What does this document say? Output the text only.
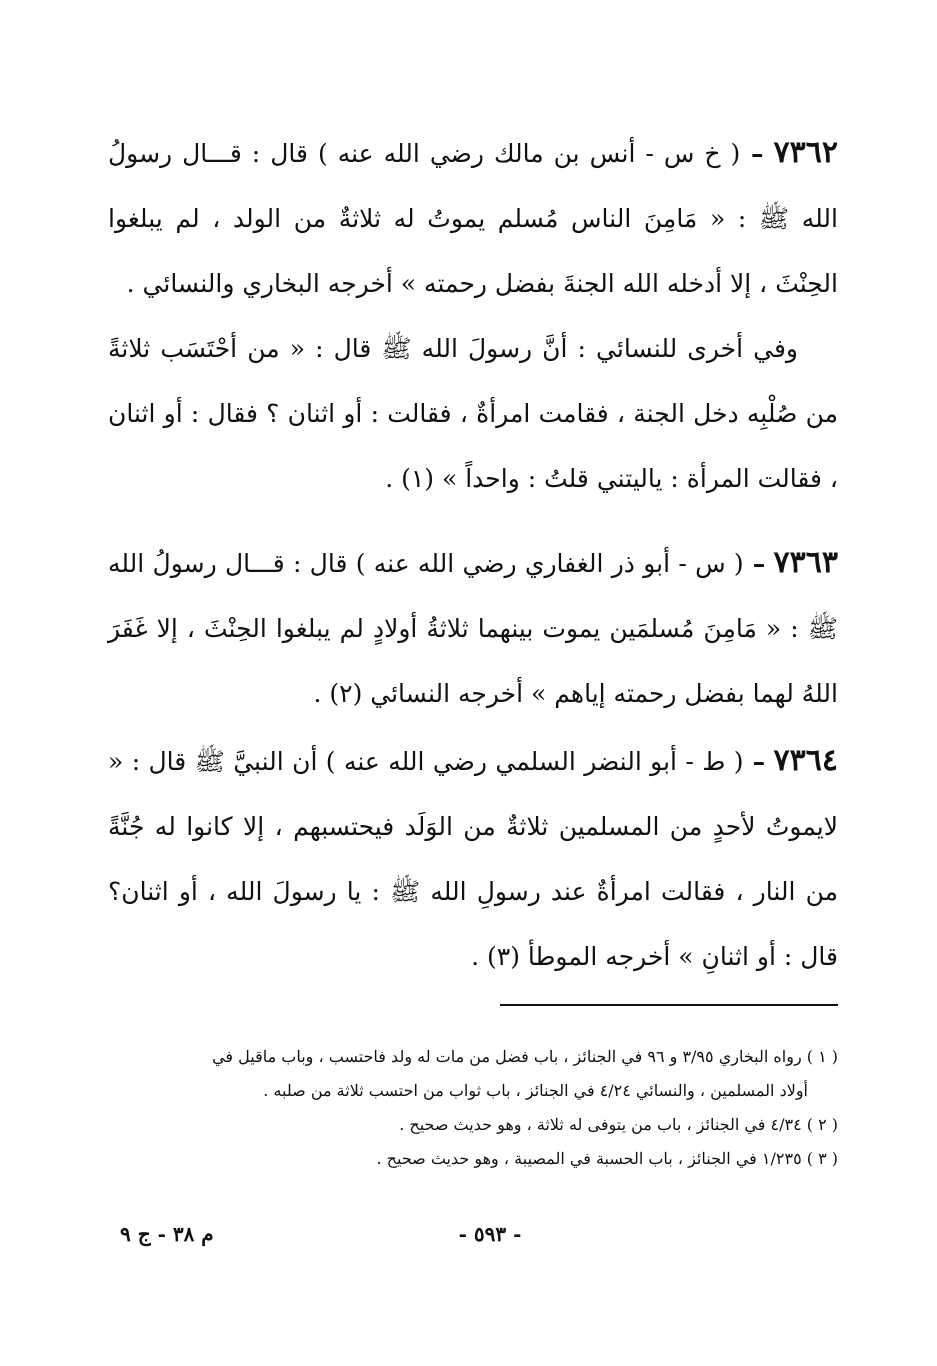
٧٣٦٢ – ( خ س - أنس بن مالك رضي الله عنه ) قال : قـــال رسولُ الله ﷺ : « مَامِنَ الناس مُسلم يموتُ له ثلاثةٌ من الولد ، لم يبلغوا الحِنْثَ ، إلا أدخله الله الجنةَ بفضل رحمته » أخرجه البخاري والنسائي .

وفي أخرى للنسائي : أنَّ رسولَ الله ﷺ قال : « من أحْتَسَب ثلاثةً من صُلْبِه دخل الجنة ، فقامت امرأةٌ ، فقالت : أو اثنان ؟ فقال : أو اثنان ، فقالت المرأة : ياليتني قلتُ : واحداً » (١) .

٧٣٦٣ – ( س - أبو ذر الغفاري رضي الله عنه ) قال : قـــال رسولُ الله ﷺ : « مَامِنَ مُسلمَين يموت بينهما ثلاثةُ أولادٍ لم يبلغوا الحِنْثَ ، إلا غَفَرَ اللهُ لهما بفضل رحمته إياهم » أخرجه النسائي (٢) .

٧٣٦٤ – ( ط - أبو النضر السلمي رضي الله عنه ) أن النبيَّ ﷺ قال : « لايموتُ لأحدٍ من المسلمين ثلاثةٌ من الوَلَد فيحتسبهم ، إلا كانوا له جُنَّةً من النار ، فقالت امرأةٌ عند رسولِ الله ﷺ : يا رسولَ الله ، أو اثنان؟ قال : أو اثنانِ » أخرجه الموطأ (٣) .

( ١ ) رواه البخاري ٣/٩٥ و ٩٦ في الجنائز ، باب فضل من مات له ولد فاحتسب ، وباب ماقيل في

أولاد المسلمين ، والنسائي ٤/٢٤ في الجنائز ، باب ثواب من احتسب ثلاثة من صلبه .

( ٢ ) ٤/٣٤ في الجنائز ، باب من يتوفى له ثلاثة ، وهو حديث صحيح .

( ٣ ) ١/٢٣٥ في الجنائز ، باب الحسبة في المصيبة ، وهو حديث صحيح .

- ٥٩٣ -
م ٣٨ - ج ٩
